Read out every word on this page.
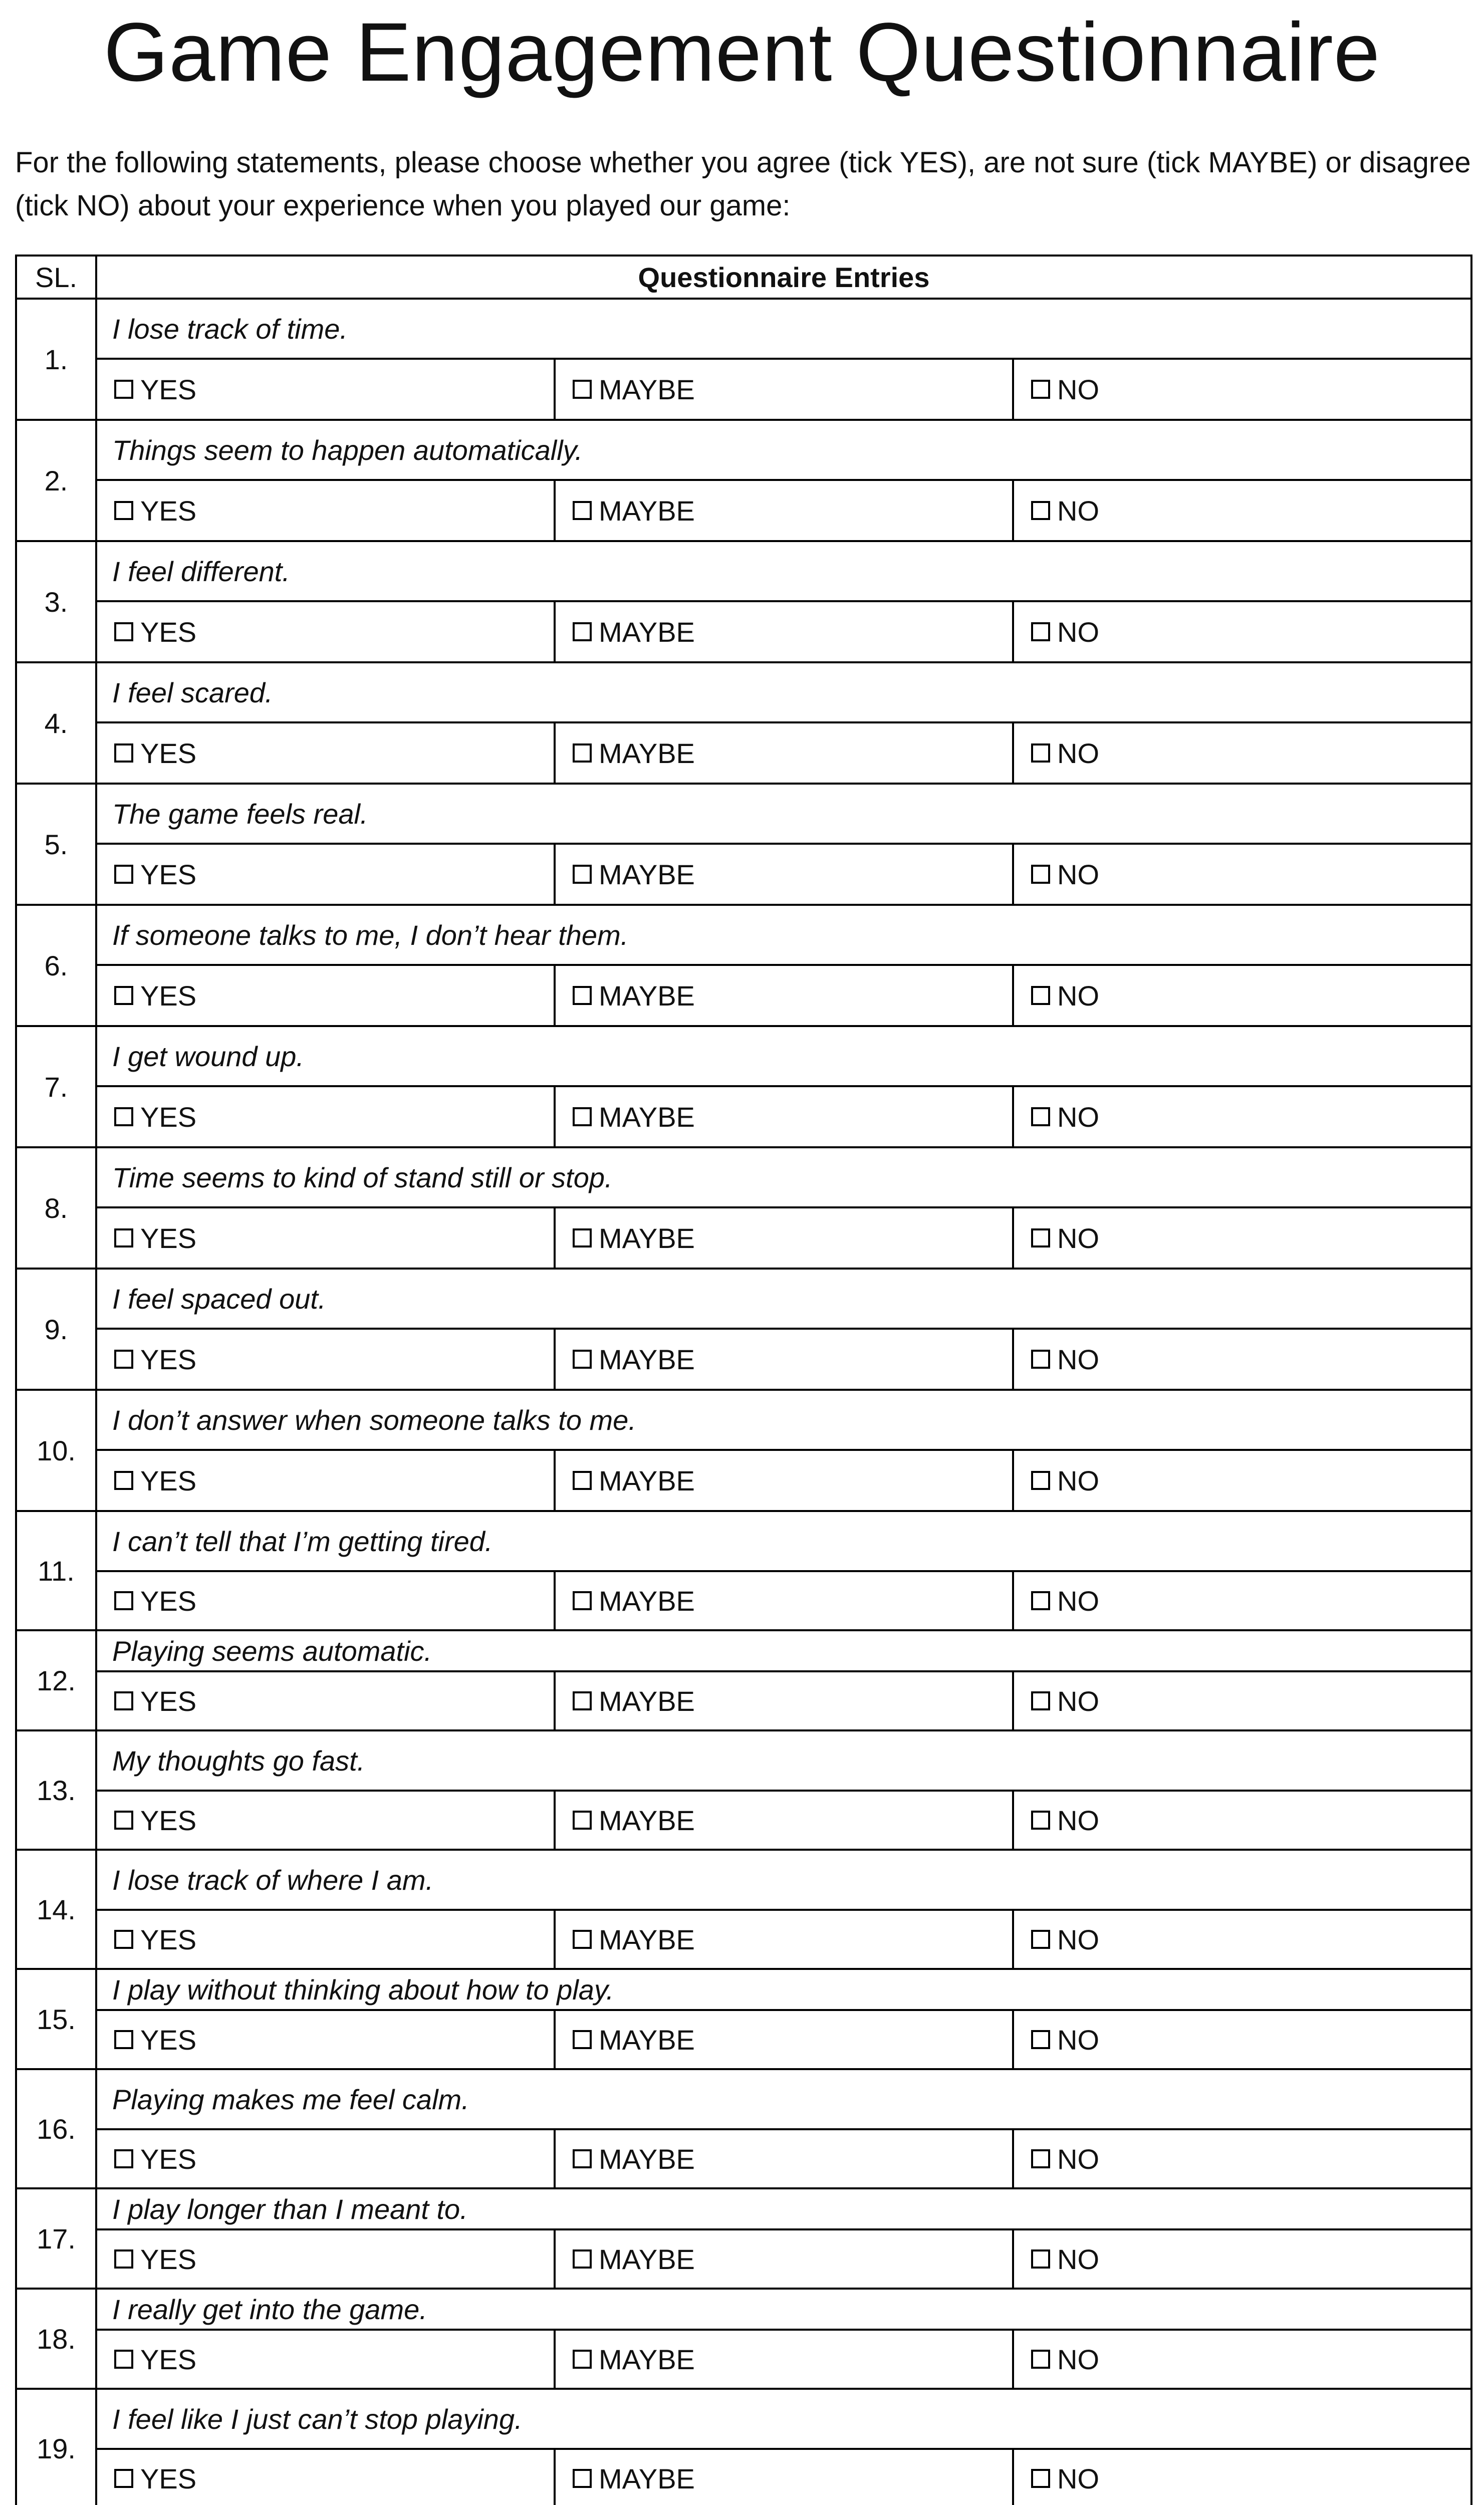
Game Engagement Questionnaire
For the following statements, please choose whether you agree (tick YES), are not sure (tick MAYBE) or disagree (tick NO) about your experience when you played our game:
SL.	Questionnaire Entries		
1.	I lose track of time.		

	YES	MAYBE	NO

2.	Things seem to happen automatically.		

	YES	MAYBE	NO

3.	I feel different.		

	YES	MAYBE	NO

4.	I feel scared.		

	YES	MAYBE	NO

5.	The game feels real.		

	YES	MAYBE	NO

6.	If someone talks to me, I don’t hear them.		

	YES	MAYBE	NO

7.	I get wound up.		

	YES	MAYBE	NO

8.	Time seems to kind of stand still or stop.		

	YES	MAYBE	NO

9.	I feel spaced out.		

	YES	MAYBE	NO

10.	I don’t answer when someone talks to me.		

	YES	MAYBE	NO

11.	I can’t tell that I’m getting tired.		

	YES	MAYBE	NO

12.	Playing seems automatic.		

	YES	MAYBE	NO

13.	My thoughts go fast.		

	YES	MAYBE	NO

14.	I lose track of where I am.		

	YES	MAYBE	NO

15.	I play without thinking about how to play.		

	YES	MAYBE	NO

16.	Playing makes me feel calm.		

	YES	MAYBE	NO

17.	I play longer than I meant to.		

	YES	MAYBE	NO

18.	I really get into the game.		

	YES	MAYBE	NO

19.	I feel like I just can’t stop playing.		

	YES	MAYBE	NO
